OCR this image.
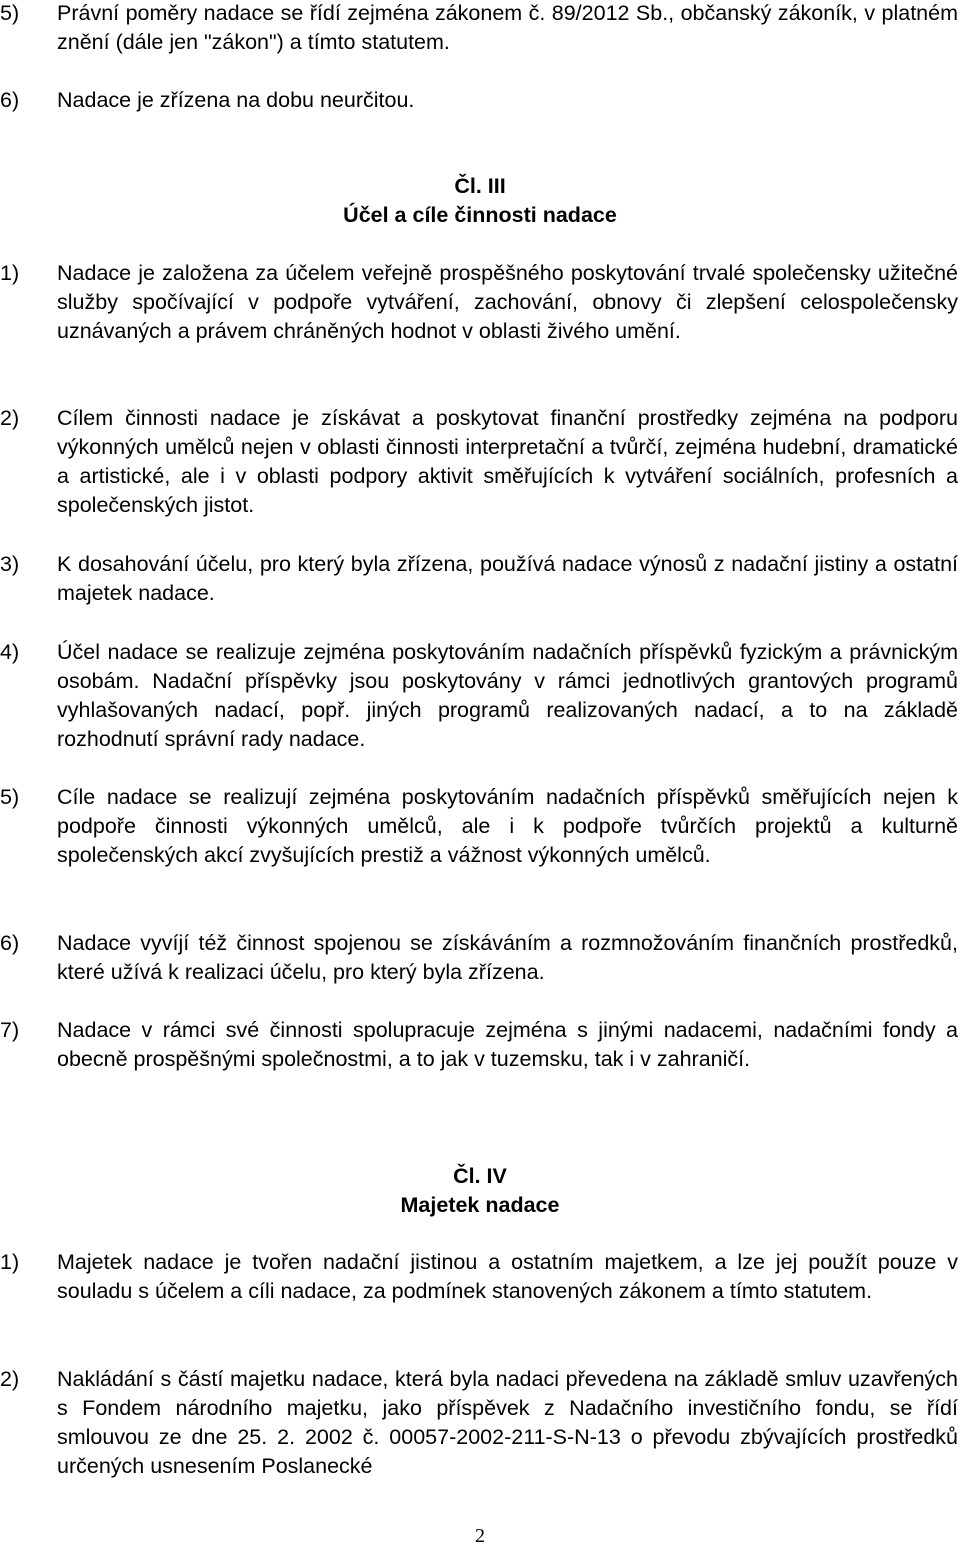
5)	Právní poměry nadace se řídí zejména zákonem č. 89/2012 Sb., občanský zákoník, v platném znění (dále jen "zákon") a tímto statutem.
6)	Nadace je zřízena na dobu neurčitou.
Čl. III
Účel a cíle činnosti nadace
1)	Nadace je založena za účelem veřejně prospěšného poskytování trvalé společensky užitečné služby spočívající v podpoře vytváření, zachování, obnovy či zlepšení celospolečensky uznávaných a právem chráněných hodnot v oblasti živého umění.
2)	Cílem činnosti nadace je získávat a poskytovat finanční prostředky zejména na podporu výkonných umělců nejen v oblasti činnosti interpretační a tvůrčí, zejména hudební, dramatické a artistické, ale i v oblasti podpory aktivit směřujících k vytváření sociálních, profesních a společenských jistot.
3)	K dosahování účelu, pro který byla zřízena, používá nadace výnosů z nadační jistiny a ostatní majetek nadace.
4)	Účel nadace se realizuje zejména poskytováním nadačních příspěvků fyzickým a právnickým osobám. Nadační příspěvky jsou poskytovány v rámci jednotlivých grantových programů vyhlašovaných nadací, popř. jiných programů realizovaných nadací, a to na základě rozhodnutí správní rady nadace.
5)	Cíle nadace se realizují zejména poskytováním nadačních příspěvků směřujících nejen k podpoře činnosti výkonných umělců, ale i k podpoře tvůrčích projektů a kulturně společenských akcí zvyšujících prestiž a vážnost výkonných umělců.
6)	Nadace vyvíjí též činnost spojenou se získáváním a rozmnožováním finančních prostředků, které užívá k realizaci účelu, pro který byla zřízena.
7)	Nadace v rámci své činnosti spolupracuje zejména s jinými nadacemi, nadačními fondy a obecně prospěšnými společnostmi, a to jak v tuzemsku, tak i v zahraničí.
Čl. IV
Majetek nadace
1)	Majetek nadace je tvořen nadační jistinou a ostatním majetkem, a lze jej použít pouze v souladu s účelem a cíli nadace, za podmínek stanovených zákonem a tímto statutem.
2)	Nakládání s částí majetku nadace, která byla nadaci převedena na základě smluv uzavřených s Fondem národního majetku, jako příspěvek z Nadačního investičního fondu, se řídí smlouvou ze dne 25. 2. 2002 č. 00057-2002-211-S-N-13 o převodu zbývajících prostředků určených usnesením Poslanecké
2
